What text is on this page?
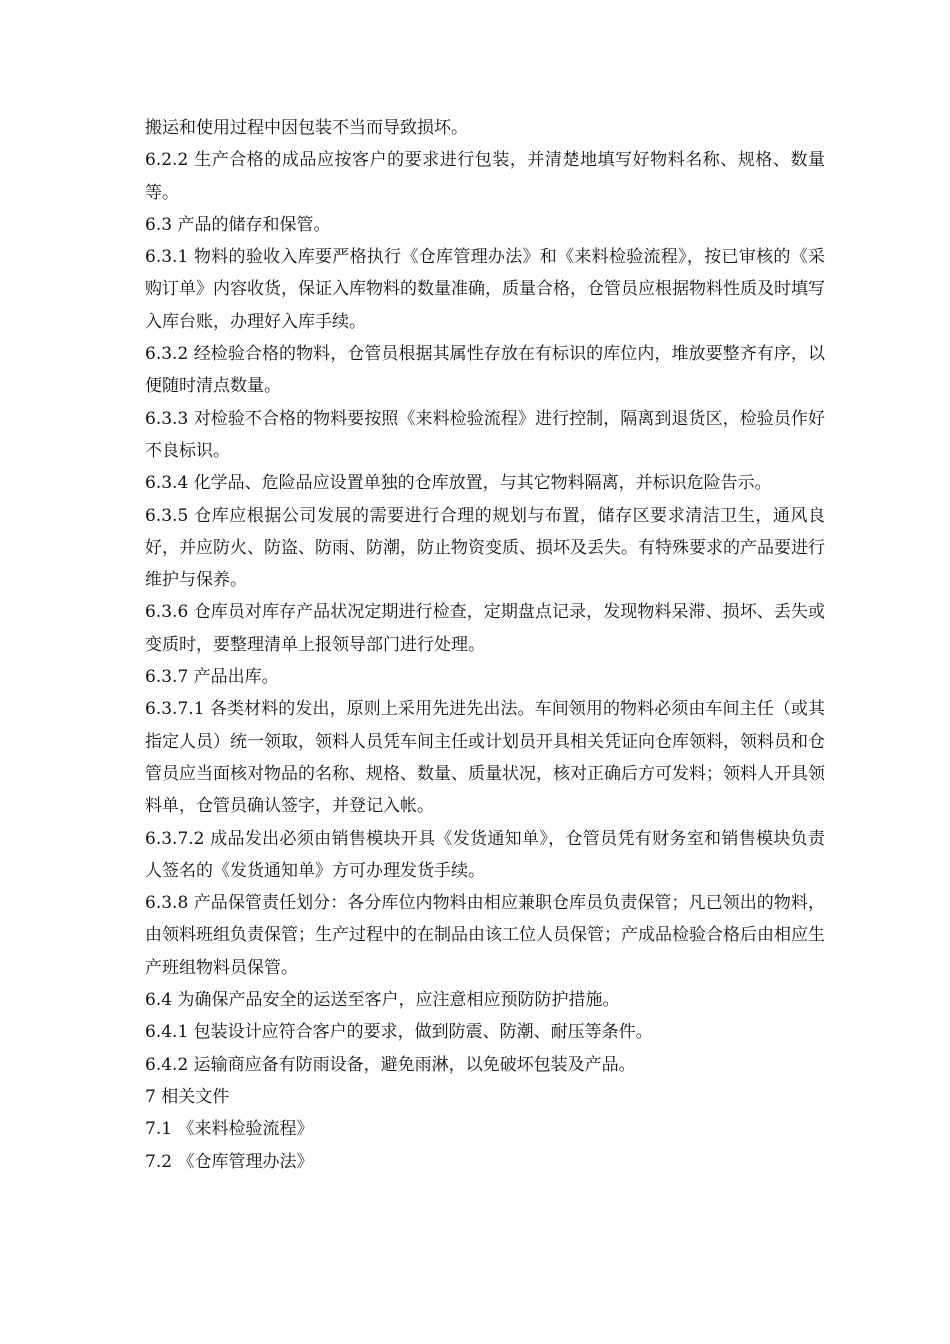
搬运和使用过程中因包装不当而导致损坏。

6.2.2 生产合格的成品应按客户的要求进行包装，并清楚地填写好物料名称、规格、数量等。

6.3 产品的储存和保管。

6.3.1 物料的验收入库要严格执行《仓库管理办法》和《来料检验流程》，按已审核的《采购订单》内容收货，保证入库物料的数量准确，质量合格，仓管员应根据物料性质及时填写入库台账，办理好入库手续。

6.3.2 经检验合格的物料，仓管员根据其属性存放在有标识的库位内，堆放要整齐有序，以便随时清点数量。

6.3.3 对检验不合格的物料要按照《来料检验流程》进行控制，隔离到退货区，检验员作好不良标识。

6.3.4 化学品、危险品应设置单独的仓库放置，与其它物料隔离，并标识危险告示。

6.3.5 仓库应根据公司发展的需要进行合理的规划与布置，储存区要求清洁卫生，通风良好，并应防火、防盗、防雨、防潮，防止物资变质、损坏及丢失。有特殊要求的产品要进行维护与保养。

6.3.6 仓库员对库存产品状况定期进行检查，定期盘点记录，发现物料呆滞、损坏、丢失或变质时，要整理清单上报领导部门进行处理。

6.3.7 产品出库。

6.3.7.1 各类材料的发出，原则上采用先进先出法。车间领用的物料必须由车间主任（或其指定人员）统一领取，领料人员凭车间主任或计划员开具相关凭证向仓库领料，领料员和仓管员应当面核对物品的名称、规格、数量、质量状况，核对正确后方可发料；领料人开具领料单，仓管员确认签字，并登记入帐。

6.3.7.2 成品发出必须由销售模块开具《发货通知单》，仓管员凭有财务室和销售模块负责人签名的《发货通知单》方可办理发货手续。

6.3.8 产品保管责任划分：各分库位内物料由相应兼职仓库员负责保管；凡已领出的物料，由领料班组负责保管；生产过程中的在制品由该工位人员保管；产成品检验合格后由相应生产班组物料员保管。

6.4 为确保产品安全的运送至客户，应注意相应预防防护措施。

6.4.1 包装设计应符合客户的要求，做到防震、防潮、耐压等条件。

6.4.2 运输商应备有防雨设备，避免雨淋，以免破坏包装及产品。

7 相关文件

7.1 《来料检验流程》

7.2 《仓库管理办法》
